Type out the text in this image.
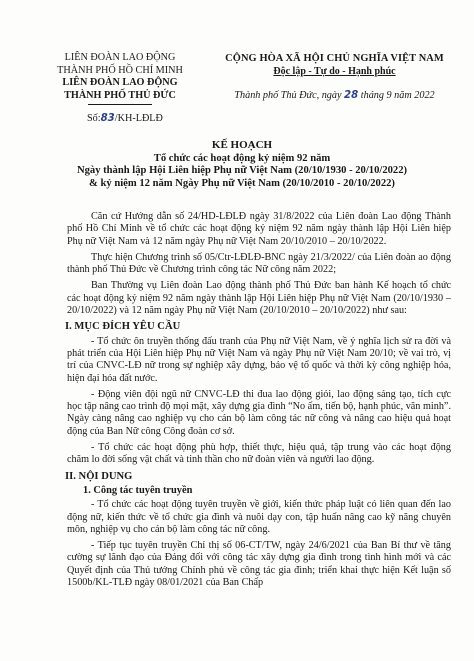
LIÊN ĐOÀN LAO ĐỘNG
THÀNH PHỐ HỒ CHÍ MINH
LIÊN ĐOÀN LAO ĐỘNG
THÀNH PHỐ THỦ ĐỨC
Số:83/KH-LĐLĐ
CỘNG HÒA XÃ HỘI CHỦ NGHĨA VIỆT NAM
Độc lập - Tự do - Hạnh phúc
Thành phố Thủ Đức, ngày 28 tháng 9 năm 2022
KẾ HOẠCH
Tổ chức các hoạt động kỷ niệm 92 năm
Ngày thành lập Hội Liên hiệp Phụ nữ Việt Nam (20/10/1930 - 20/10/2022)
& kỷ niệm 12 năm Ngày Phụ nữ Việt Nam (20/10/2010 - 20/10/2022)

Căn cứ Hướng dẫn số 24/HD-LĐLĐ ngày 31/8/2022 của Liên đoàn Lao động Thành phố Hồ Chí Minh về tổ chức các hoạt động kỷ niệm 92 năm ngày thành lập Hội Liên hiệp Phụ nữ Việt Nam và 12 năm ngày Phụ nữ Việt Nam 20/10/2010 – 20/10/2022.

Thực hiện Chương trình số 05/Ctr-LĐLĐ-BNC ngày 21/3/2022/ của Liên đoàn ao động thành phố Thủ Đức về Chương trình công tác Nữ công năm 2022;

Ban Thường vụ Liên đoàn Lao động thành phố Thủ Đức ban hành Kế hoạch tổ chức các hoạt động kỷ niệm 92 năm ngày thành lập Hội Liên hiệp Phụ nữ Việt Nam (20/10/1930 – 20/10/2022) và 12 năm ngày Phụ nữ Việt Nam (20/10/2010 – 20/10/2022) như sau:

I. MỤC ĐÍCH YÊU CẦU

- Tổ chức ôn truyền thống đấu tranh của Phụ nữ Việt Nam, về ý nghĩa lịch sử ra đời và phát triển của Hội Liên hiệp Phụ nữ Việt Nam và ngày Phụ nữ Việt Nam 20/10; về vai trò, vị trí của CNVC-LĐ nữ trong sự nghiệp xây dựng, bảo vệ tổ quốc và thời kỳ công nghiệp hóa, hiện đại hóa đất nước.

- Động viên đội ngũ nữ CNVC-LĐ thi đua lao động giỏi, lao động sáng tạo, tích cực học tập nâng cao trình độ mọi mặt, xây dựng gia đình “No ấm, tiến bộ, hạnh phúc, văn minh”. Ngày càng nâng cao nghiệp vụ cho cán bộ làm công tác nữ công và nâng cao hiệu quả hoạt động của Ban Nữ công Công đoàn cơ sở.

- Tổ chức các hoạt động phù hợp, thiết thực, hiệu quả, tập trung vào các hoạt động chăm lo đời sống vật chất và tinh thần cho nữ đoàn viên và người lao động.

II. NỘI DUNG
1. Công tác tuyên truyền

- Tổ chức các hoạt động tuyên truyền về giới, kiến thức pháp luật có liên quan đến lao động nữ, kiến thức về tổ chức gia đình và nuôi dạy con, tập huấn nâng cao kỹ năng chuyên môn, nghiệp vụ cho cán bộ làm công tác nữ công.

- Tiếp tục tuyên truyền Chỉ thị số 06-CT/TW, ngày 24/6/2021 của Ban Bí thư về tăng cường sự lãnh đạo của Đảng đối với công tác xây dựng gia đình trong tình hình mới và các Quyết định của Thủ tướng Chính phủ về công tác gia đình; triển khai thực hiện Kết luận số 1500b/KL-TLĐ ngày 08/01/2021 của Ban Chấp
